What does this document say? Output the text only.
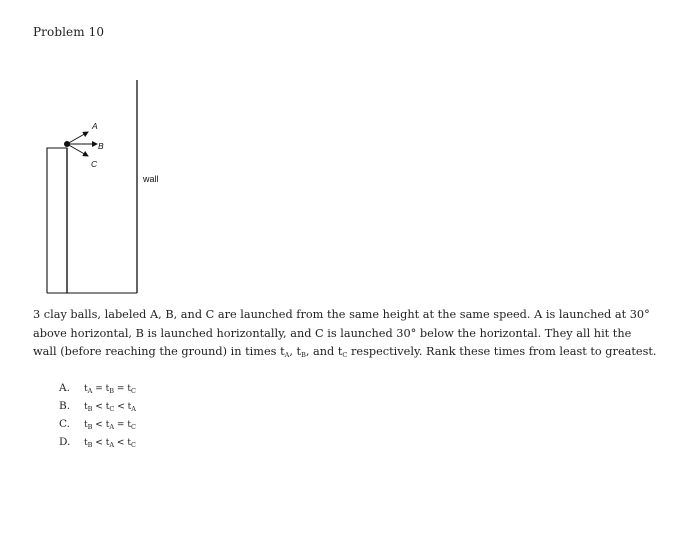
Problem 10
A
B
C
wall

3 clay balls, labeled A, B, and C are launched from the same height at the same speed. A is launched at 30° above horizontal, B is launched horizontally, and C is launched 30° below the horizontal. They all hit the wall (before reaching the ground) in times $t_A$, $t_B$, and $t_C$ respectively. Rank these times from least to greatest.

A. $t_A = t_B = t_C$
B. $t_B < t_C < t_A$
C. $t_B < t_A = t_C$
D. $t_B < t_A < t_C$
